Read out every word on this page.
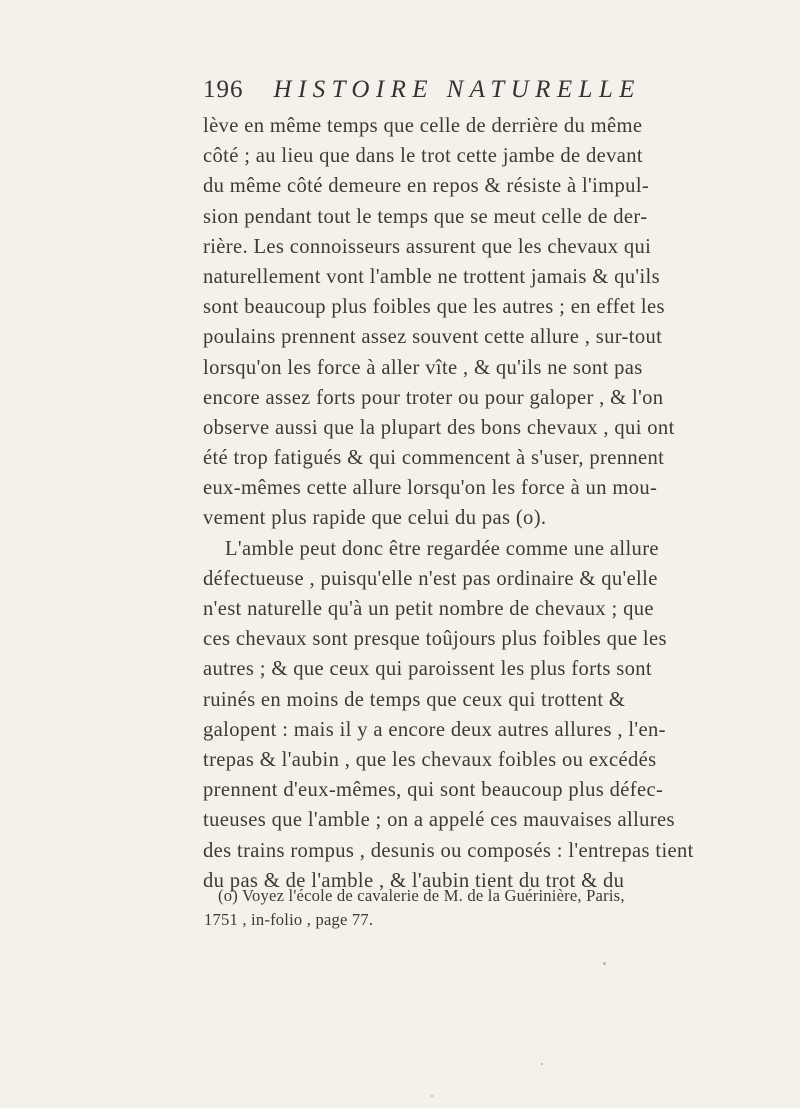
196 HISTOIRE NATURELLE
lève en même temps que celle de derrière du même
côté ; au lieu que dans le trot cette jambe de devant
du même côté demeure en repos & résiste à l'impul-
sion pendant tout le temps que se meut celle de der-
rière. Les connoisseurs assurent que les chevaux qui
naturellement vont l'amble ne trottent jamais & qu'ils
sont beaucoup plus foibles que les autres ; en effet les
poulains prennent assez souvent cette allure , sur-tout
lorsqu'on les force à aller vîte , & qu'ils ne sont pas
encore assez forts pour troter ou pour galoper , & l'on
observe aussi que la plupart des bons chevaux , qui ont
été trop fatigués & qui commencent à s'user, prennent
eux-mêmes cette allure lorsqu'on les force à un mou-
vement plus rapide que celui du pas (o).
L'amble peut donc être regardée comme une allure
défectueuse , puisqu'elle n'est pas ordinaire & qu'elle
n'est naturelle qu'à un petit nombre de chevaux ; que
ces chevaux sont presque toûjours plus foibles que les
autres ; & que ceux qui paroissent les plus forts sont
ruinés en moins de temps que ceux qui trottent &
galopent : mais il y a encore deux autres allures , l'en-
trepas & l'aubin , que les chevaux foibles ou excédés
prennent d'eux-mêmes, qui sont beaucoup plus défec-
tueuses que l'amble ; on a appelé ces mauvaises allures
des trains rompus , desunis ou composés : l'entrepas tient
du pas & de l'amble , & l'aubin tient du trot & du
(o) Voyez l'école de cavalerie de M. de la Guérinière, Paris,
1751 , in-folio , page 77.
